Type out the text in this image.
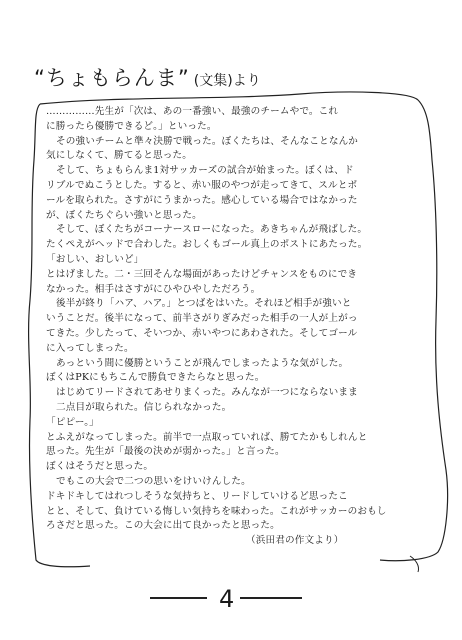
“ちょもらんま” (文集)より
……………先生が「次は、あの一番強い、最強のチームやで。これ
に勝ったら優勝できるど。」といった。
その強いチームと準々決勝で戦った。ぼくたちは、そんなことなんか
気にしなくて、勝てると思った。
そして、ちょもらんま1対サッカーズの試合が始まった。ぼくは、ド
リブルでぬこうとした。すると、赤い服のやつが走ってきて、スルとボ
ールを取られた。さすがにうまかった。感心している場合ではなかった
が、ぼくたちぐらい強いと思った。
そして、ぼくたちがコーナースローになった。あきちゃんが飛ばした。
たくぺえがヘッドで合わした。おしくもゴール真上のポストにあたった。
「おしい、おしいど」
とはげました。二・三回そんな場面があったけどチャンスをものにでき
なかった。相手はさすがにひやひやしただろう。
後半が終り「ハア、ハア。」とつばをはいた。それほど相手が強いと
いうことだ。後半になって、前半さがりぎみだった相手の一人が上がっ
てきた。少したって、そいつか、赤いやつにあわされた。そしてゴール
に入ってしまった。
あっという間に優勝ということが飛んでしまったような気がした。
ぼくはPKにもちこんで勝負できたらなと思った。
はじめてリードされてあせりまくった。みんなが一つにならないまま
二点目が取られた。信じられなかった。
「ピピー。」
とふえがなってしまった。前半で一点取っていれば、勝てたかもしれんと
思った。先生が「最後の決めが弱かった。」と言った。
ぼくはそうだと思った。
でもこの大会で二つの思いをけいけんした。
ドキドキしてはれつしそうな気持ちと、リードしていけるど思ったこ
とと、そして、負けている悔しい気持ちを味わった。これがサッカーのおもし
ろさだと思った。この大会に出て良かったと思った。
（浜田君の作文より）
4
